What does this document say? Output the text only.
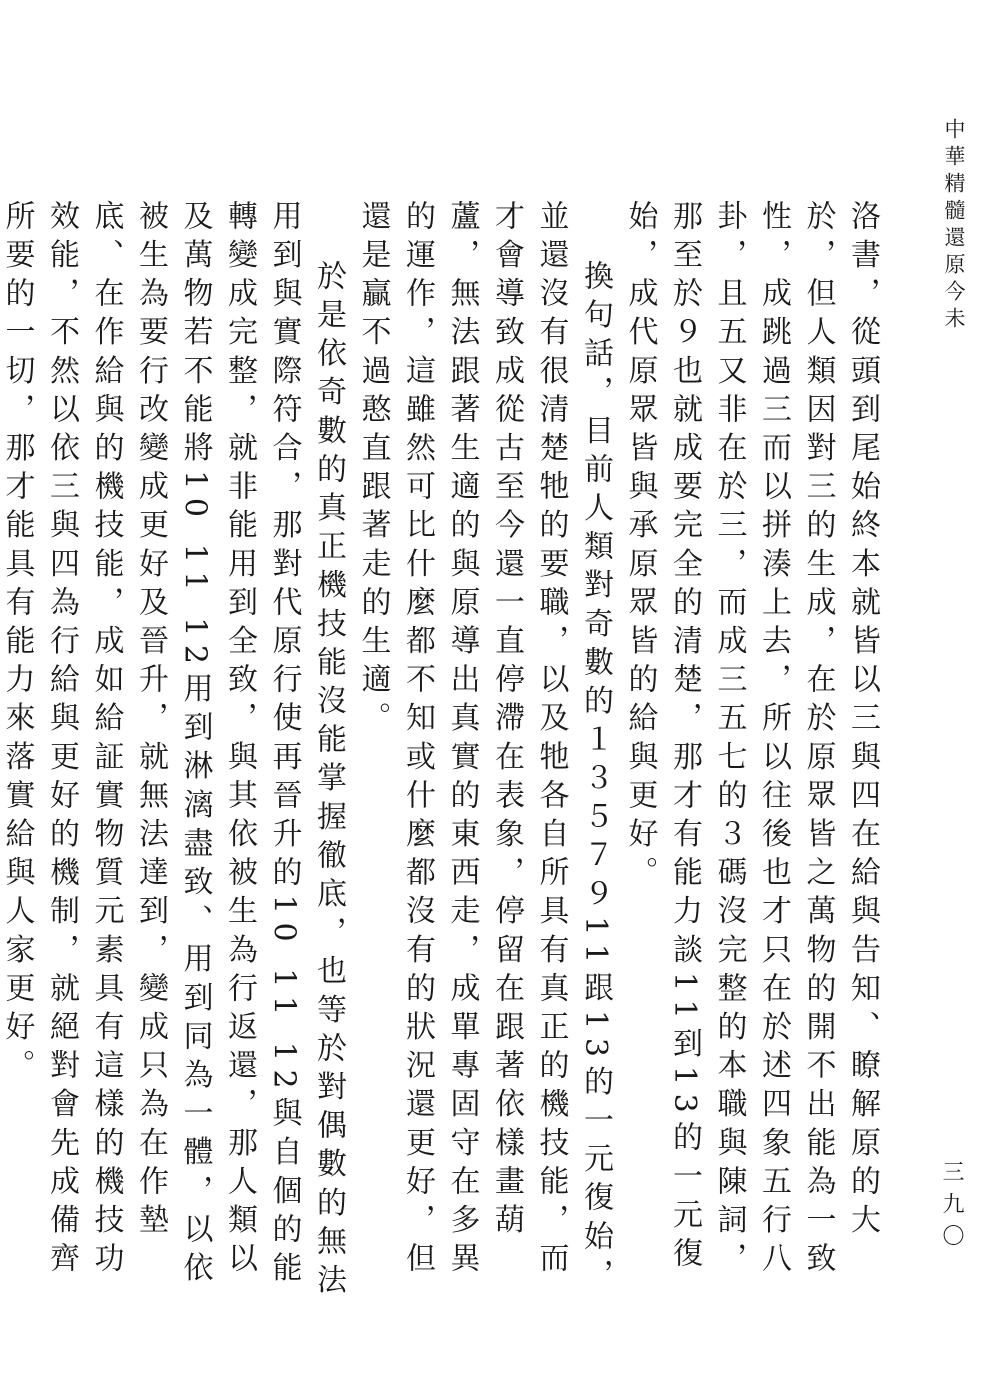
中華精髓還原今未
三九〇

洛書，從頭到尾始終本就皆以三與四在給與告知、瞭解原的大於，但人類因對三的生成，在於原眾皆之萬物的開不出能為一致性，成跳過三而以拼湊上去，所以往後也才只在於述四象五行八卦，且五又非在於三，而成三五七的３碼沒完整的本職與陳詞，那至於９也就成要完全的清楚，那才有能力談11到13的一元復始，成代原眾皆與承原眾皆的給與更好。

換句話，目前人類對奇數的１３５７９11跟13的一元復始，並還沒有很清楚牠的要職，以及牠各自所具有真正的機技能，而才會導致成從古至今還一直停滯在表象，停留在跟著依樣畫葫蘆，無法跟著生適的與原導出真實的東西走，成單專固守在多異的運作，這雖然可比什麼都不知或什麼都沒有的狀況還更好，但還是贏不過憨直跟著走的生適。

於是依奇數的真正機技能沒能掌握徹底，也等於對偶數的無法用到與實際符合，那對代原行使再晉升的10 11 12與自個的能轉變成完整，就非能用到全致，與其依被生為行返還，那人類以及萬物若不能將10 11 12用到淋漓盡致、用到同為一體，以依被生為要行改變成更好及晉升，就無法達到，變成只為在作墊底、在作給與的機技能，成如給証實物質元素具有這樣的機技功效能，不然以依三與四為行給與更好的機制，就絕對會先成備齊所要的一切，那才能具有能力來落實給與人家更好。
